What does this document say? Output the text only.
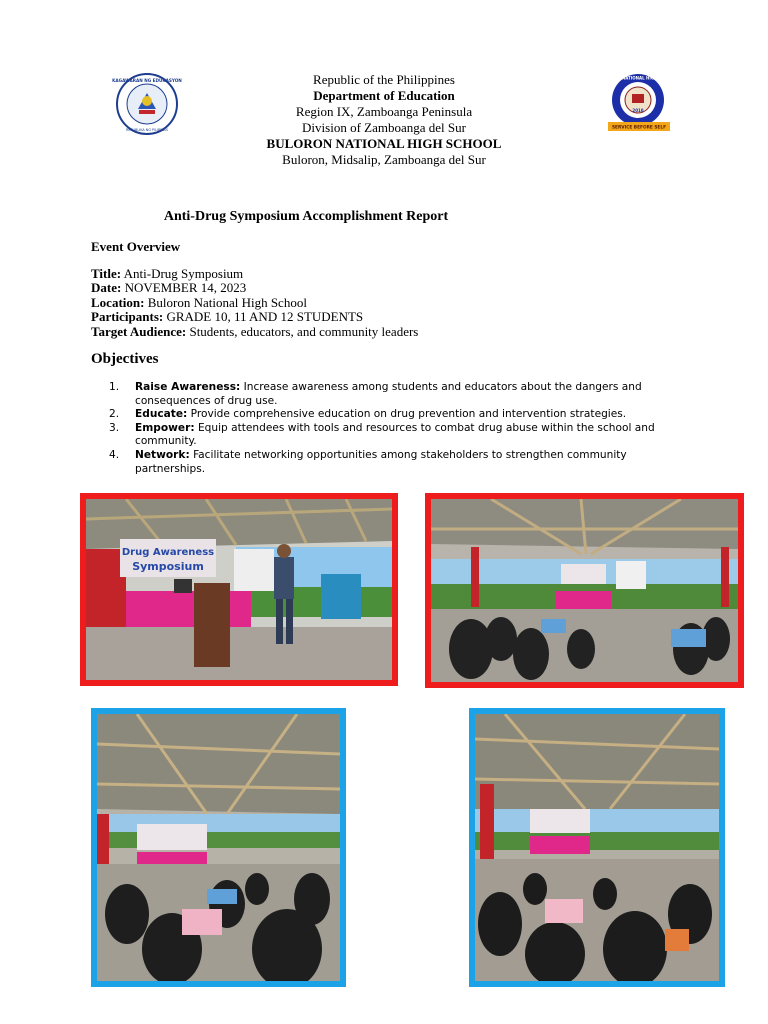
KAGAWARAN NG EDUKASYON
REPUBLIKA NG PILIPINAS
BULORON NATIONAL HIGH SCHOOL
2010
SERVICE BEFORE SELF
Republic of the Philippines
Department of Education
Region IX, Zamboanga Peninsula
Division of Zamboanga del Sur
BULORON NATIONAL HIGH SCHOOL
Buloron, Midsalip, Zamboanga del Sur
Anti-Drug Symposium Accomplishment Report
Event Overview
Title: Anti-Drug Symposium
Date: NOVEMBER 14, 2023
Location: Buloron National High School
Participants: GRADE 10, 11 AND 12 STUDENTS
Target Audience: Students, educators, and community leaders
Objectives
1. Raise Awareness: Increase awareness among students and educators about the dangers and consequences of drug use.
2. Educate: Provide comprehensive education on drug prevention and intervention strategies.
3. Empower: Equip attendees with tools and resources to combat drug abuse within the school and community.
4. Network: Facilitate networking opportunities among stakeholders to strengthen community partnerships.
Drug Awareness
Symposium
